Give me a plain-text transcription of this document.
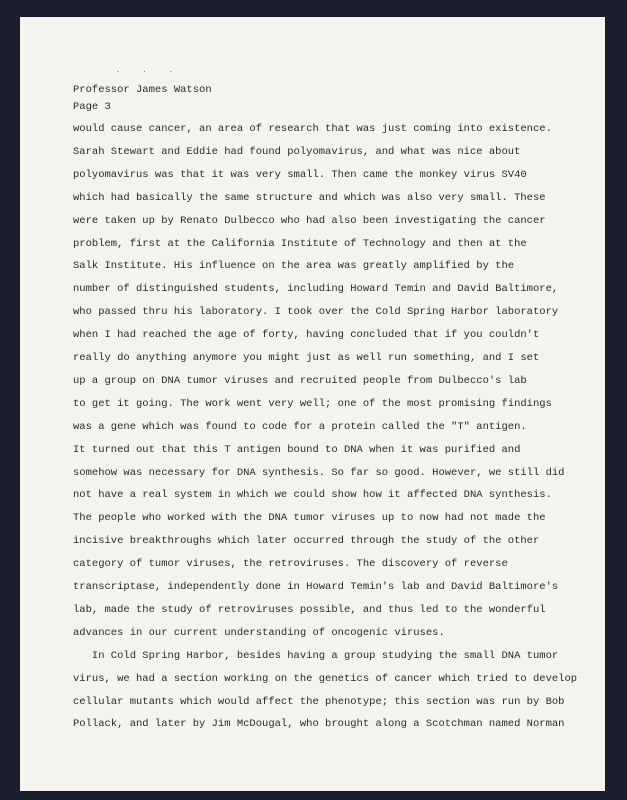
. . .
Professor James Watson
Page 3
would cause cancer, an area of research that was just coming into existence.
Sarah Stewart and Eddie had found polyomavirus, and what was nice about
polyomavirus was that it was very small. Then came the monkey virus SV40
which had basically the same structure and which was also very small. These
were taken up by Renato Dulbecco who had also been investigating the cancer
problem, first at the California Institute of Technology and then at the
Salk Institute. His influence on the area was greatly amplified by the
number of distinguished students, including Howard Temin and David Baltimore,
who passed thru his laboratory. I took over the Cold Spring Harbor laboratory
when I had reached the age of forty, having concluded that if you couldn't
really do anything anymore you might just as well run something, and I set
up a group on DNA tumor viruses and recruited people from Dulbecco's lab
to get it going. The work went very well; one of the most promising findings
was a gene which was found to code for a protein called the "T" antigen.
It turned out that this T antigen bound to DNA when it was purified and
somehow was necessary for DNA synthesis. So far so good. However, we still did
not have a real system in which we could show how it affected DNA synthesis.
The people who worked with the DNA tumor viruses up to now had not made the
incisive breakthroughs which later occurred through the study of the other
category of tumor viruses, the retroviruses. The discovery of reverse
transcriptase, independently done in Howard Temin's lab and David Baltimore's
lab, made the study of retroviruses possible, and thus led to the wonderful
advances in our current understanding of oncogenic viruses.
In Cold Spring Harbor, besides having a group studying the small DNA tumor
virus, we had a section working on the genetics of cancer which tried to develop
cellular mutants which would affect the phenotype; this section was run by Bob
Pollack, and later by Jim McDougal, who brought along a Scotchman named Norman
